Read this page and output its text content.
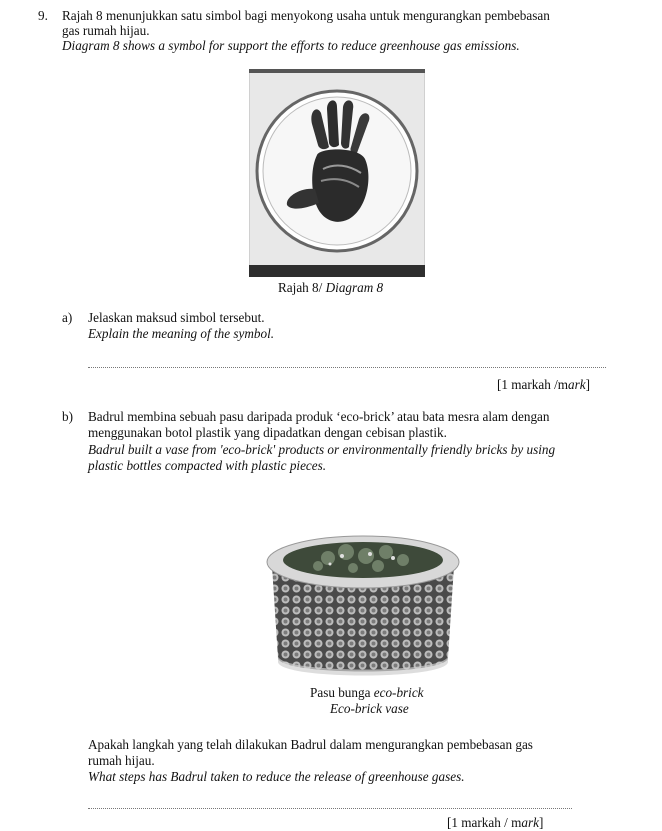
9. Rajah 8 menunjukkan satu simbol bagi menyokong usaha untuk mengurangkan pembebasan
gas rumah hijau.
Diagram 8 shows a symbol for support the efforts to reduce greenhouse gas emissions.
Rajah 8/ Diagram 8
a) Jelaskan maksud simbol tersebut.
Explain the meaning of the symbol.
[1 markah /mark]
b) Badrul membina sebuah pasu daripada produk ‘eco-brick’ atau bata mesra alam dengan
menggunakan botol plastik yang dipadatkan dengan cebisan plastik.
Badrul built a vase from 'eco-brick' products or environmentally friendly bricks by using
plastic bottles compacted with plastic pieces.
Pasu bunga eco-brick
Eco-brick vase
Apakah langkah yang telah dilakukan Badrul dalam mengurangkan pembebasan gas
rumah hijau.
What steps has Badrul taken to reduce the release of greenhouse gases.
[1 markah / mark]
